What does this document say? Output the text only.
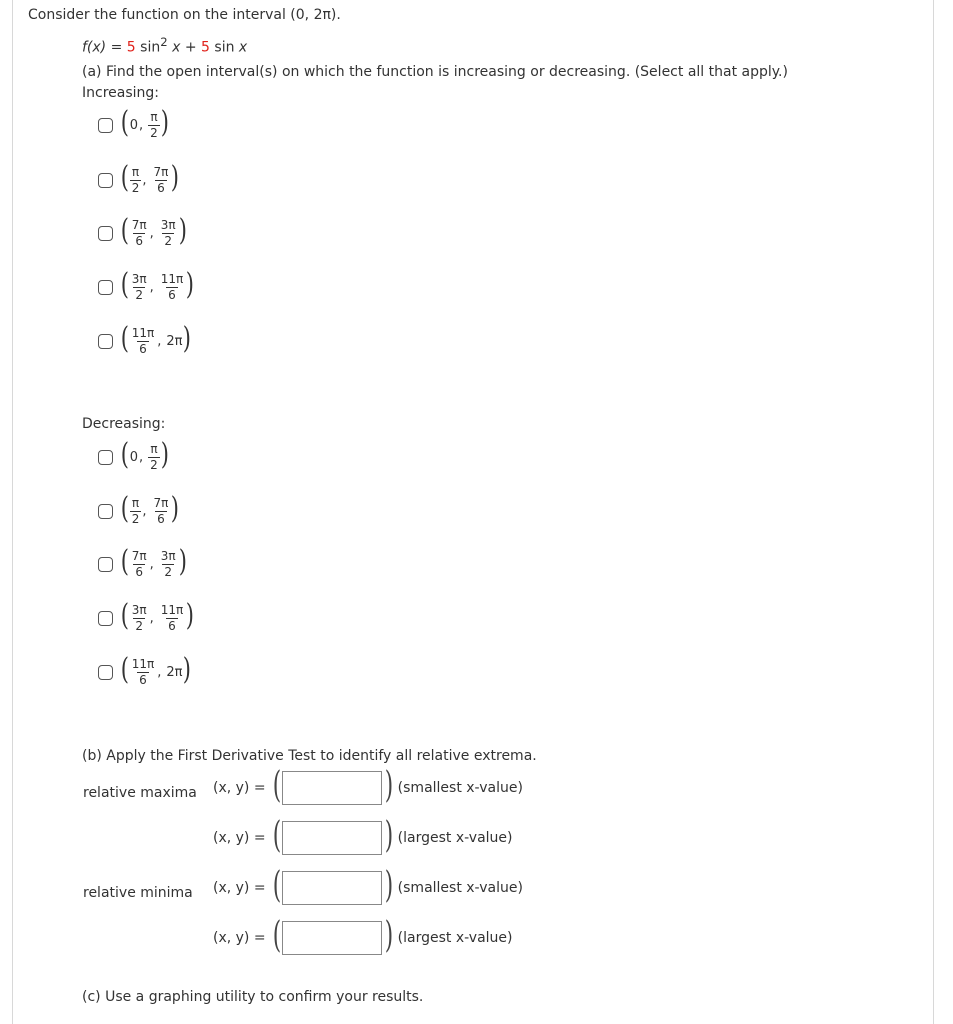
Consider the function on the interval (0, 2π).
f(x) = 5 $\sin^2 x + 5$ sin x
(a) Find the open interval(s) on which the function is increasing or decreasing. (Select all that apply.)
Increasing:
( 0 , $\frac{\pi}{2}$ )
( $\frac{\pi}{2}$ , $\frac{7\pi}{6}$ )
( $\frac{7\pi}{6}$ , $\frac{3\pi}{2}$ )
( $\frac{3\pi}{2}$ , $\frac{11\pi}{6}$ )
( $\frac{11\pi}{6}$ , 2π )
Decreasing:
( 0 , $\frac{\pi}{2}$ )
( $\frac{\pi}{2}$ , $\frac{7\pi}{6}$ )
( $\frac{7\pi}{6}$ , $\frac{3\pi}{2}$ )
( $\frac{3\pi}{2}$ , $\frac{11\pi}{6}$ )
( $\frac{11\pi}{6}$ , 2π )
(b) Apply the First Derivative Test to identify all relative extrema.
relative maxima (x, y) = (	) (smallest x-value)
(x, y) = (	) (largest x-value)
relative minima (x, y) = (	) (smallest x-value)
(x, y) = (	) (largest x-value)
(c) Use a graphing utility to confirm your results.
